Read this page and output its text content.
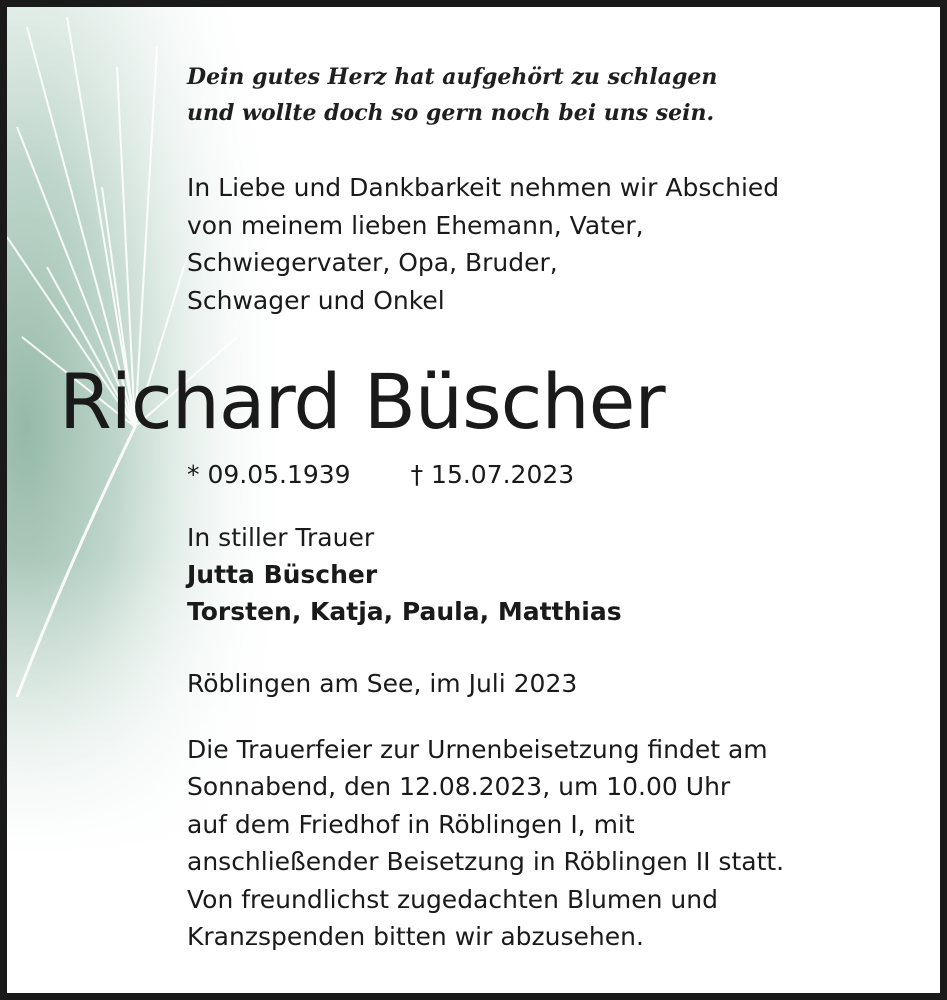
Dein gutes Herz hat aufgehört zu schlagen
und wollte doch so gern noch bei uns sein.
In Liebe und Dankbarkeit nehmen wir Abschied
von meinem lieben Ehemann, Vater,
Schwiegervater, Opa, Bruder,
Schwager und Onkel
Richard Büscher
* 09.05.1939 † 15.07.2023
In stiller Trauer
Jutta Büscher
Torsten, Katja, Paula, Matthias
Röblingen am See, im Juli 2023
Die Trauerfeier zur Urnenbeisetzung findet am
Sonnabend, den 12.08.2023, um 10.00 Uhr
auf dem Friedhof in Röblingen I, mit
anschließender Beisetzung in Röblingen II statt.
Von freundlichst zugedachten Blumen und
Kranzspenden bitten wir abzusehen.
